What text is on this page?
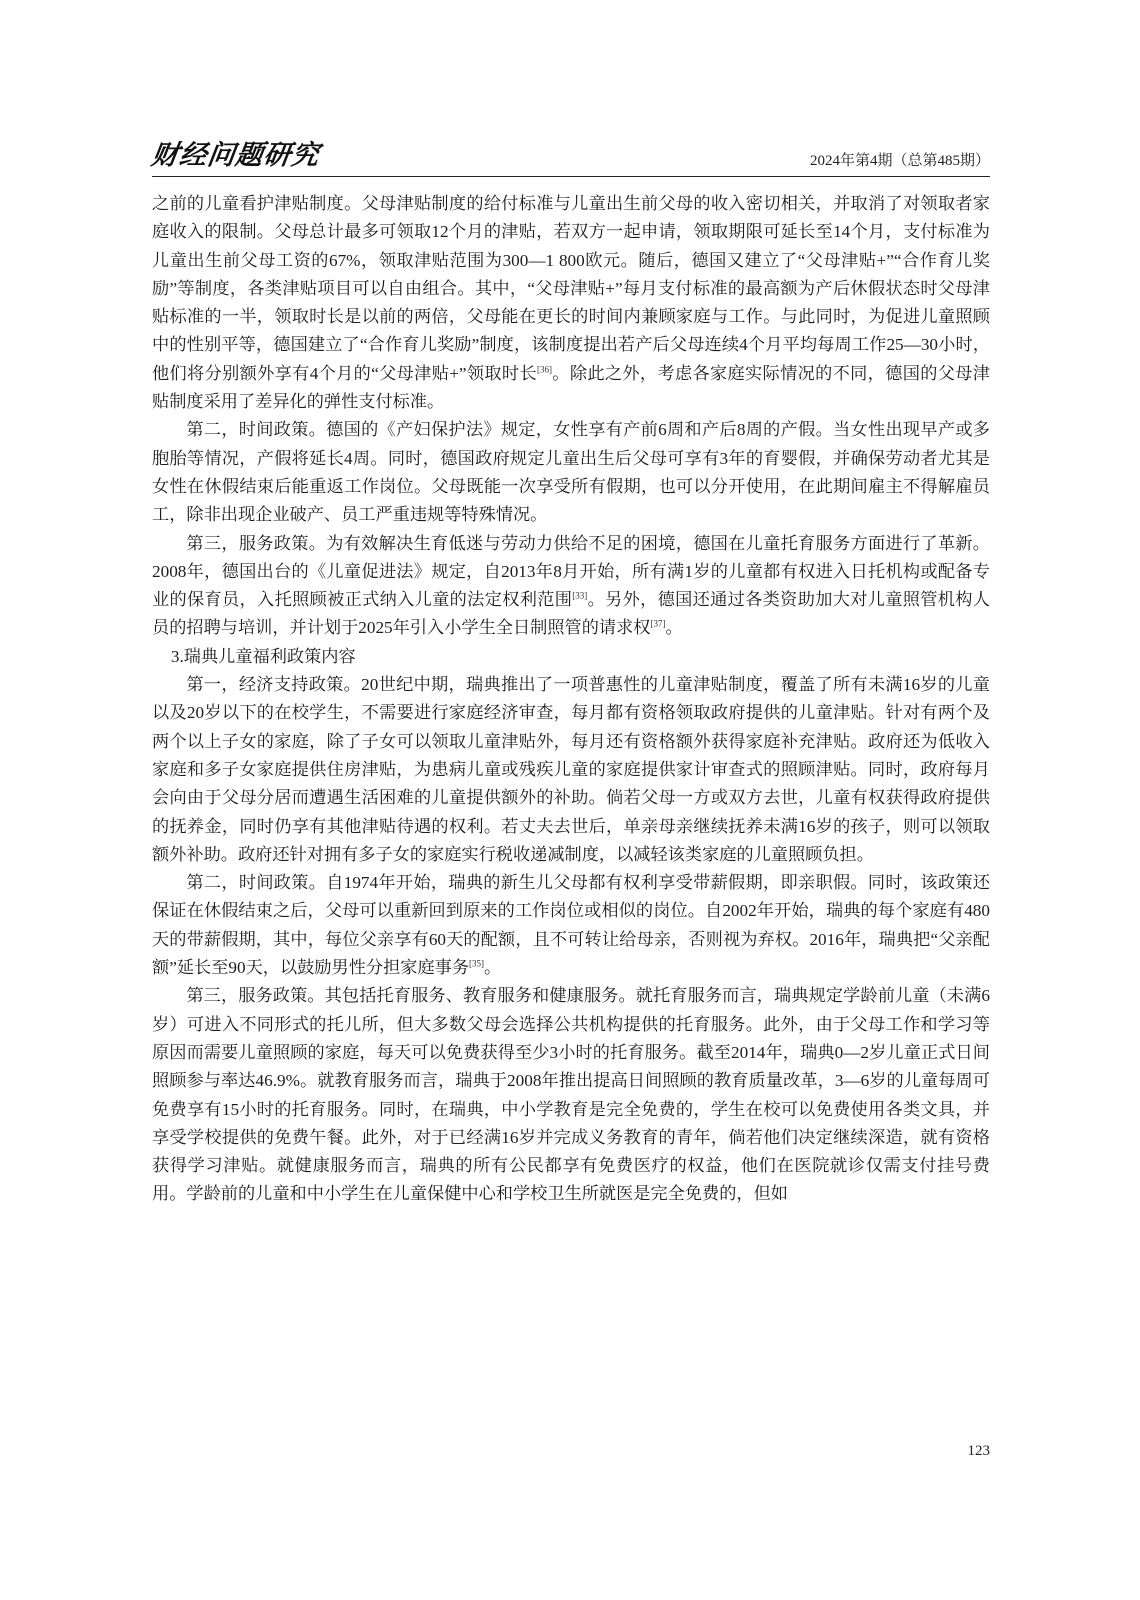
财经问题研究	2024年第4期（总第485期）

之前的儿童看护津贴制度。父母津贴制度的给付标准与儿童出生前父母的收入密切相关，并取消了对领取者家庭收入的限制。父母总计最多可领取12个月的津贴，若双方一起申请，领取期限可延长至14个月，支付标准为儿童出生前父母工资的67%，领取津贴范围为300—1 800欧元。随后，德国又建立了“父母津贴+”“合作育儿奖励”等制度，各类津贴项目可以自由组合。其中，“父母津贴+”每月支付标准的最高额为产后休假状态时父母津贴标准的一半，领取时长是以前的两倍，父母能在更长的时间内兼顾家庭与工作。与此同时，为促进儿童照顾中的性别平等，德国建立了“合作育儿奖励”制度，该制度提出若产后父母连续4个月平均每周工作25—30小时，他们将分别额外享有4个月的“父母津贴+”领取时长[36]。除此之外，考虑各家庭实际情况的不同，德国的父母津贴制度采用了差异化的弹性支付标准。

第二，时间政策。德国的《产妇保护法》规定，女性享有产前6周和产后8周的产假。当女性出现早产或多胞胎等情况，产假将延长4周。同时，德国政府规定儿童出生后父母可享有3年的育婴假，并确保劳动者尤其是女性在休假结束后能重返工作岗位。父母既能一次享受所有假期，也可以分开使用，在此期间雇主不得解雇员工，除非出现企业破产、员工严重违规等特殊情况。

第三，服务政策。为有效解决生育低迷与劳动力供给不足的困境，德国在儿童托育服务方面进行了革新。2008年，德国出台的《儿童促进法》规定，自2013年8月开始，所有满1岁的儿童都有权进入日托机构或配备专业的保育员，入托照顾被正式纳入儿童的法定权利范围[33]。另外，德国还通过各类资助加大对儿童照管机构人员的招聘与培训，并计划于2025年引入小学生全日制照管的请求权[37]。

3.瑞典儿童福利政策内容

第一，经济支持政策。20世纪中期，瑞典推出了一项普惠性的儿童津贴制度，覆盖了所有未满16岁的儿童以及20岁以下的在校学生，不需要进行家庭经济审查，每月都有资格领取政府提供的儿童津贴。针对有两个及两个以上子女的家庭，除了子女可以领取儿童津贴外，每月还有资格额外获得家庭补充津贴。政府还为低收入家庭和多子女家庭提供住房津贴，为患病儿童或残疾儿童的家庭提供家计审查式的照顾津贴。同时，政府每月会向由于父母分居而遭遇生活困难的儿童提供额外的补助。倘若父母一方或双方去世，儿童有权获得政府提供的抚养金，同时仍享有其他津贴待遇的权利。若丈夫去世后，单亲母亲继续抚养未满16岁的孩子，则可以领取额外补助。政府还针对拥有多子女的家庭实行税收递减制度，以减轻该类家庭的儿童照顾负担。

第二，时间政策。自1974年开始，瑞典的新生儿父母都有权利享受带薪假期，即亲职假。同时，该政策还保证在休假结束之后，父母可以重新回到原来的工作岗位或相似的岗位。自2002年开始，瑞典的每个家庭有480天的带薪假期，其中，每位父亲享有60天的配额，且不可转让给母亲，否则视为弃权。2016年，瑞典把“父亲配额”延长至90天，以鼓励男性分担家庭事务[35]。

第三，服务政策。其包括托育服务、教育服务和健康服务。就托育服务而言，瑞典规定学龄前儿童（未满6岁）可进入不同形式的托儿所，但大多数父母会选择公共机构提供的托育服务。此外，由于父母工作和学习等原因而需要儿童照顾的家庭，每天可以免费获得至少3小时的托育服务。截至2014年，瑞典0—2岁儿童正式日间照顾参与率达46.9%。就教育服务而言，瑞典于2008年推出提高日间照顾的教育质量改革，3—6岁的儿童每周可免费享有15小时的托育服务。同时，在瑞典，中小学教育是完全免费的，学生在校可以免费使用各类文具，并享受学校提供的免费午餐。此外，对于已经满16岁并完成义务教育的青年，倘若他们决定继续深造，就有资格获得学习津贴。就健康服务而言，瑞典的所有公民都享有免费医疗的权益，他们在医院就诊仅需支付挂号费用。学龄前的儿童和中小学生在儿童保健中心和学校卫生所就医是完全免费的，但如

123
